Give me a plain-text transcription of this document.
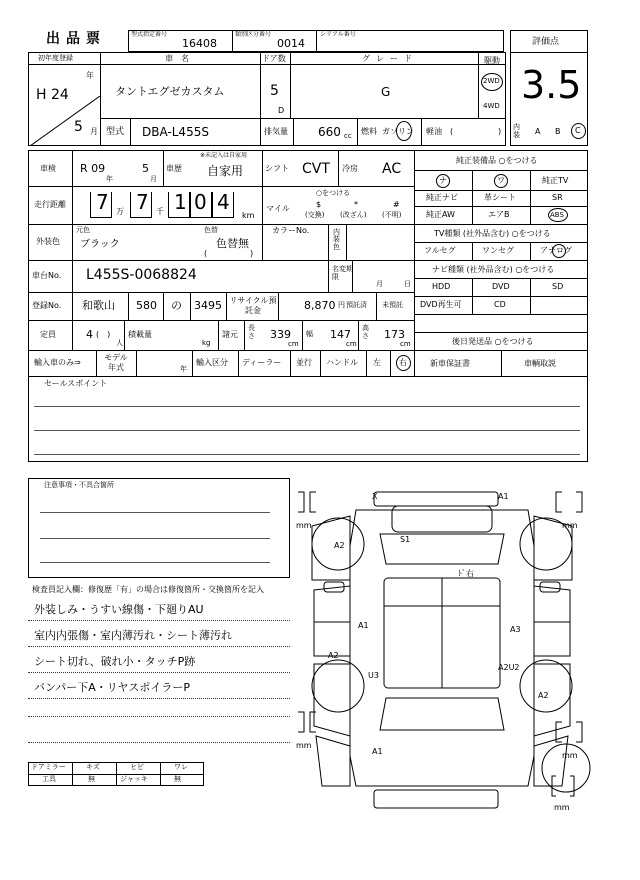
出品票	型式指定番号
16408
類別区分番号
0014
シリアル番号
評価点
3.5
初年度登録
H 24
年
5 月
車　名
タントエグゼカスタム
ドア数
5
D
グレード
G
駆動
2WD
4WD
型式 DBA-L455S	排気量	660 cc 燃料 ガソリン 軽油 (	) 内装	A B C
車検 R 09
年
5
月
車歴
※未記入は自家用
自家用	シフト CVT 冷房 AC
走行距離 7 万 7 千 1 0 4
km
○をつける
マイル	$
(交換)
*
(改ざん)
#
(不明)
外装色
元色
ブラック
色替
色替無
(	)
カラーNo.	内装色
車台No. L455S-0068824	名変期限
月	日
登録No. 和歌山 580 の 3495 リサイクル預託金	8,870 円 預託済 未預託
定員	4 (　)
人
積載量
kg
諸元
長さ 339
cm
幅 147
cm
高さ 173
cm
輸入車のみ⇒
モデル年式	年
輸入区分 ディーラー 並行 ハンドル 左 右
純正装備品 ○をつける
ナ	ワ	純正TV
純正ナビ	革シート	SR
純正AW	エアB	ABS
TV種類 (社外品含む) ○をつける
フルセグ	ワンセグ	アナログ
ナビ種類 (社外品含む) ○をつける
HDD	DVD	SD
DVD再生可	CD
後日発送品 ○をつける
新車保証書	車輌取説
セールスポイント
注意事項・不具合箇所
検査員記入欄：修復歴「有」の場合は修復箇所・交換箇所を記入
外装しみ・うすい線傷・下廻りAU
室内内張傷・室内薄汚れ・シート薄汚れ
シート切れ、破れ小・タッチP跡
バンパー下A・リヤスポイラーP
ドアミラー	キズ	ヒビ	ワレ
工具	無	ジャッキ	無
X	A1
A2
S1
ﾄﾞ右
A1	A3
A2
U3
A2U2
A2
A1
mm
mm
mm
mm
mm
